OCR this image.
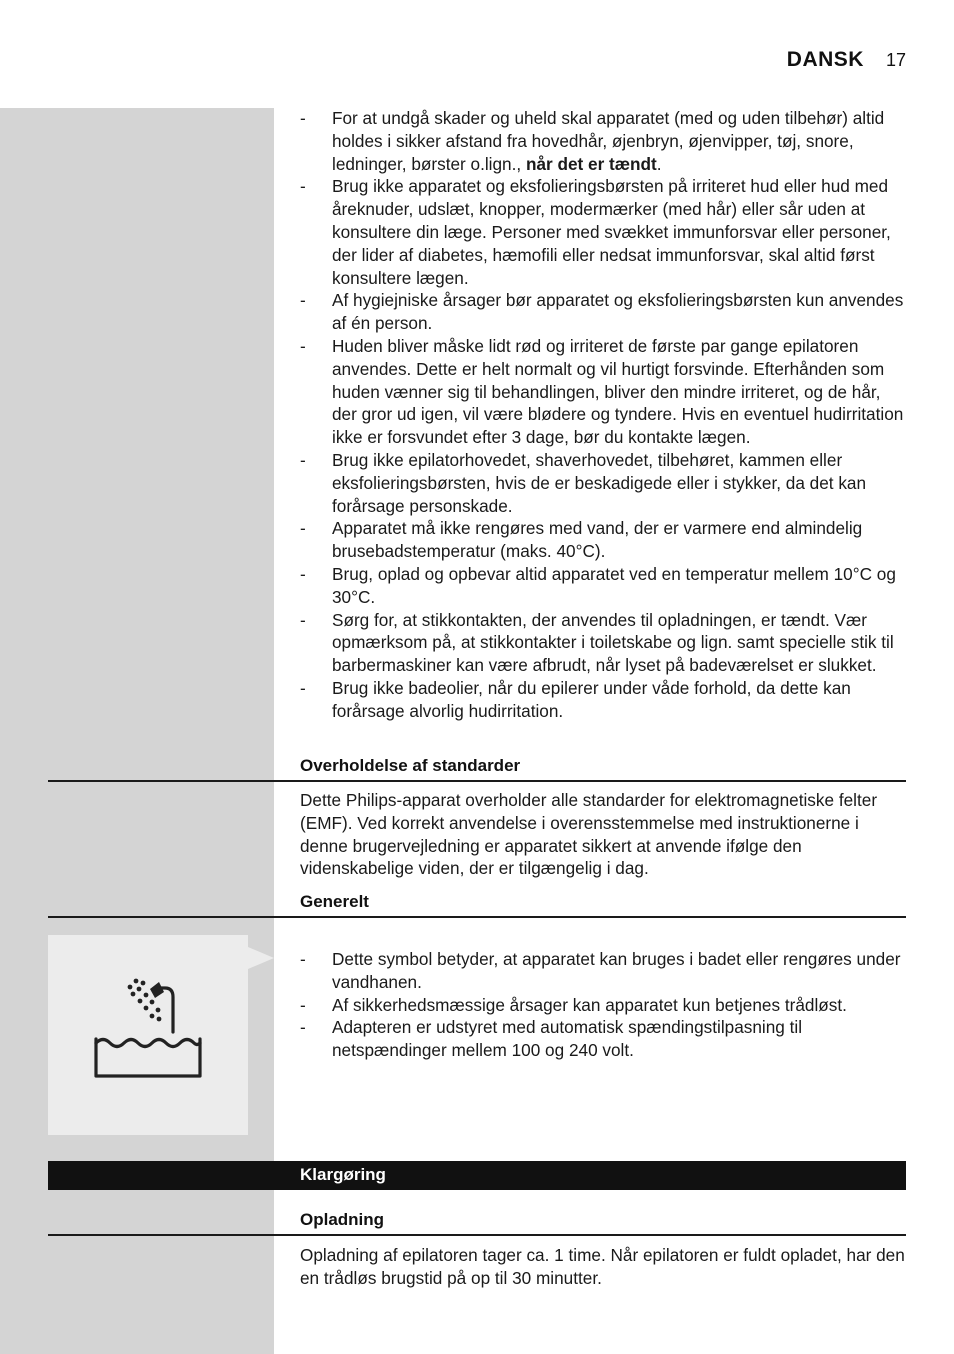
DANSK 17
- For at undgå skader og uheld skal apparatet (med og uden tilbehør) altid holdes i sikker afstand fra hovedhår, øjenbryn, øjenvipper, tøj, snore, ledninger, børster o.lign., når det er tændt.
- Brug ikke apparatet og eksfolieringsbørsten på irriteret hud eller hud med åreknuder, udslæt, knopper, modermærker (med hår) eller sår uden at konsultere din læge. Personer med svækket immunforsvar eller personer, der lider af diabetes, hæmofili eller nedsat immunforsvar, skal altid først konsultere lægen.
- Af hygiejniske årsager bør apparatet og eksfolieringsbørsten kun anvendes af én person.
- Huden bliver måske lidt rød og irriteret de første par gange epilatoren anvendes. Dette er helt normalt og vil hurtigt forsvinde. Efterhånden som huden vænner sig til behandlingen, bliver den mindre irriteret, og de hår, der gror ud igen, vil være blødere og tyndere. Hvis en eventuel hudirritation ikke er forsvundet efter 3 dage, bør du kontakte lægen.
- Brug ikke epilatorhovedet, shaverhovedet, tilbehøret, kammen eller eksfolieringsbørsten, hvis de er beskadigede eller i stykker, da det kan forårsage personskade.
- Apparatet må ikke rengøres med vand, der er varmere end almindelig brusebadstemperatur (maks. 40°C).
- Brug, oplad og opbevar altid apparatet ved en temperatur mellem 10°C og 30°C.
- Sørg for, at stikkontakten, der anvendes til opladningen, er tændt. Vær opmærksom på, at stikkontakter i toiletskabe og lign. samt specielle stik til barbermaskiner kan være afbrudt, når lyset på badeværelset er slukket.
- Brug ikke badeolier, når du epilerer under våde forhold, da dette kan forårsage alvorlig hudirritation.
Overholdelse af standarder

Dette Philips-apparat overholder alle standarder for elektromagnetiske felter (EMF). Ved korrekt anvendelse i overensstemmelse med instruktionerne i denne brugervejledning er apparatet sikkert at anvende ifølge den videnskabelige viden, der er tilgængelig i dag.

Generelt
- Dette symbol betyder, at apparatet kan bruges i badet eller rengøres under vandhanen.
- Af sikkerhedsmæssige årsager kan apparatet kun betjenes trådløst.
- Adapteren er udstyret med automatisk spændingstilpasning til netspændinger mellem 100 og 240 volt.
Klargøring
Opladning

Opladning af epilatoren tager ca. 1 time. Når epilatoren er fuldt opladet, har den en trådløs brugstid på op til 30 minutter.
